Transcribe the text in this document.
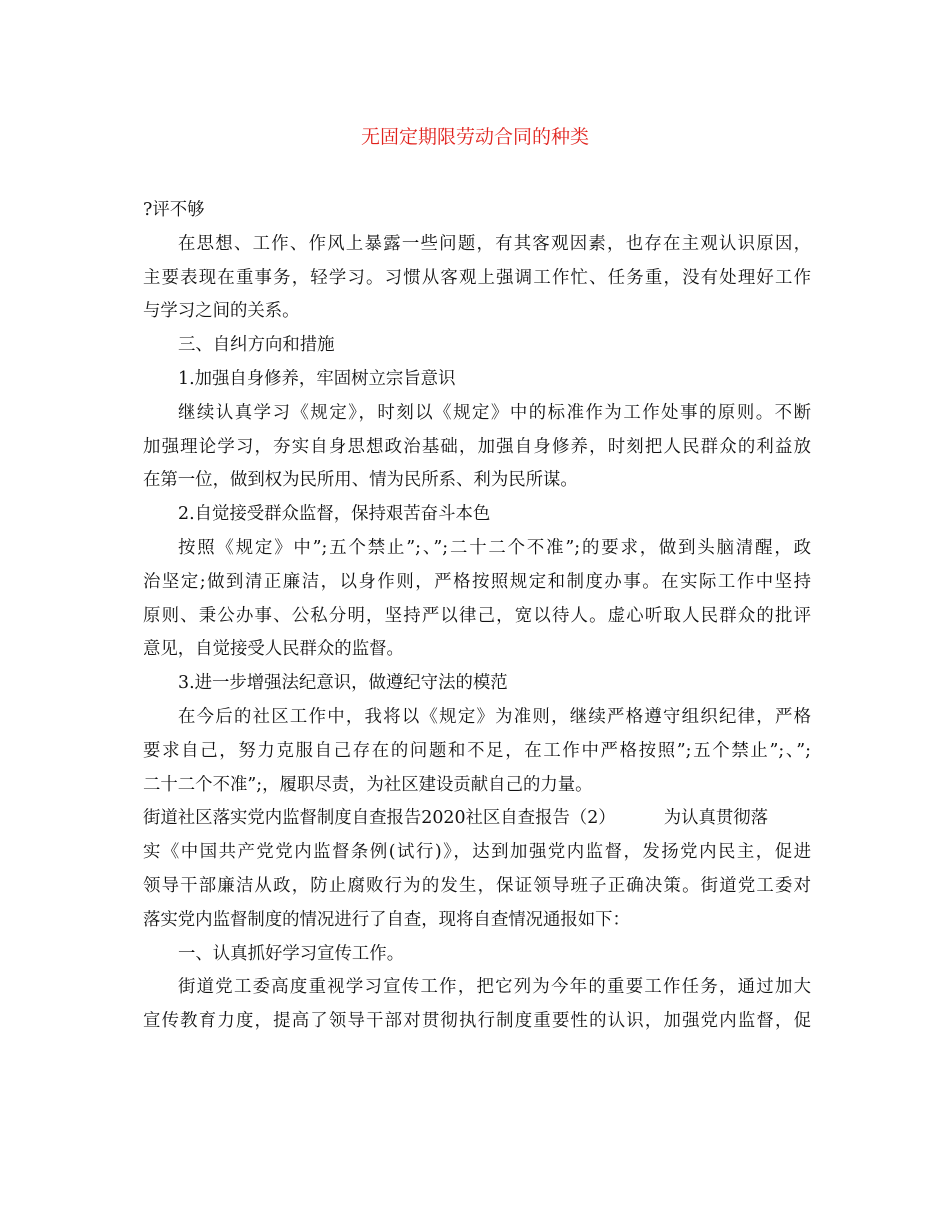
无固定期限劳动合同的种类
?评不够
在思想、工作、作风上暴露一些问题，有其客观因素，也存在主观认识原因，
主要表现在重事务，轻学习。习惯从客观上强调工作忙、任务重，没有处理好工作
与学习之间的关系。
三、自纠方向和措施
1.加强自身修养，牢固树立宗旨意识
继续认真学习《规定》，时刻以《规定》中的标准作为工作处事的原则。不断
加强理论学习，夯实自身思想政治基础，加强自身修养，时刻把人民群众的利益放
在第一位，做到权为民所用、情为民所系、利为民所谋。
2.自觉接受群众监督，保持艰苦奋斗本色
按照《规定》中”;五个禁止”;、”;二十二个不准”;的要求，做到头脑清醒，政
治坚定;做到清正廉洁，以身作则，严格按照规定和制度办事。在实际工作中坚持
原则、秉公办事、公私分明，坚持严以律己，宽以待人。虚心听取人民群众的批评
意见，自觉接受人民群众的监督。
3.进一步增强法纪意识，做遵纪守法的模范
在今后的社区工作中，我将以《规定》为准则，继续严格遵守组织纪律，严格
要求自己，努力克服自己存在的问题和不足，在工作中严格按照”;五个禁止”;、”;
二十二个不准”;，履职尽责，为社区建设贡献自己的力量。
街道社区落实党内监督制度自查报告2020社区自查报告（2）	为认真贯彻落
实《中国共产党党内监督条例(试行)》，达到加强党内监督，发扬党内民主，促进
领导干部廉洁从政，防止腐败行为的发生，保证领导班子正确决策。街道党工委对
落实党内监督制度的情况进行了自查，现将自查情况通报如下：
一、认真抓好学习宣传工作。
街道党工委高度重视学习宣传工作，把它列为今年的重要工作任务，通过加大
宣传教育力度，提高了领导干部对贯彻执行制度重要性的认识，加强党内监督，促
